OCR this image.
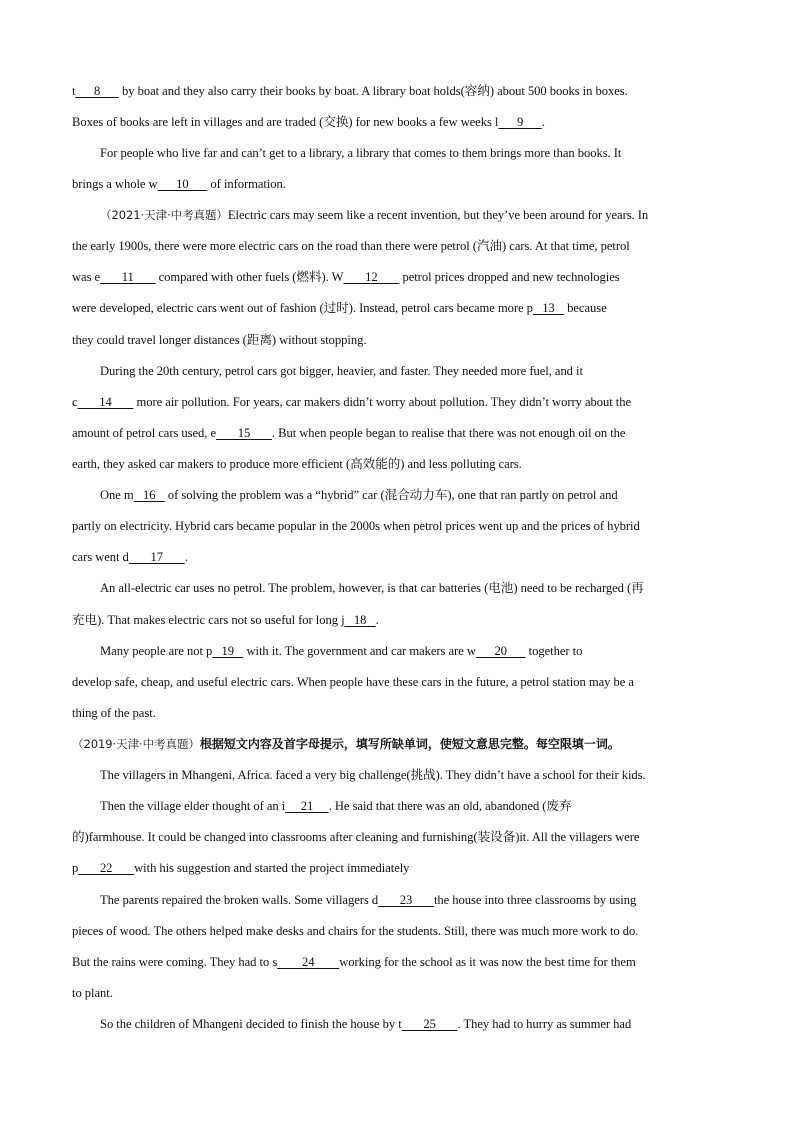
t      8       by boat and they also carry their books by boat. A library boat holds(容纳) about 500 books in boxes.
Boxes of books are left in villages and are traded (交换) for new books a few weeks l      9      .
For people who live far and can’t get to a library, a library that comes to them brings more than books. It
brings a whole w      10       of information.
（2021·天津·中考真题）Electric cars may seem like a recent invention, but they’ve been around for years. In
the early 1900s, there were more electric cars on the road than there were petrol (汽油) cars. At that time, petrol
was e       11        compared with other fuels (燃料). W       12        petrol prices dropped and new technologies
were developed, electric cars went out of fashion (过时). Instead, petrol cars became more p   13    because
they could travel longer distances (距离) without stopping.
During the 20th century, petrol cars got bigger, heavier, and faster. They needed more fuel, and it
c       14        more air pollution. For years, car makers didn’t worry about pollution. They didn’t worry about the
amount of petrol cars used, e       15       . But when people began to realise that there was not enough oil on the
earth, they asked car makers to produce more efficient (高效能的) and less polluting cars.
One m   16    of solving the problem was a “hybrid” car (混合动力车), one that ran partly on petrol and
partly on electricity. Hybrid cars became popular in the 2000s when petrol prices went up and the prices of hybrid
cars went d       17       .
An all-electric car uses no petrol. The problem, however, is that car batteries (电池) need to be recharged (再
充电). That makes electric cars not so useful for long j   18   .
Many people are not p   19    with it. The government and car makers are w      20       together to
develop safe, cheap, and useful electric cars. When people have these cars in the future, a petrol station may be a
thing of the past.
（2019·天津·中考真题）根据短文内容及首字母提示，填写所缺单词，使短文意思完整。每空限填一词。
The villagers in Mhangeni, Africa. faced a very big challenge(挑战). They didn’t have a school for their kids.
Then the village elder thought of an i     21     . He said that there was an old, abandoned (废弃
的)farmhouse. It could be changed into classrooms after cleaning and furnishing(装设备)it. All the villagers were
p       22       with his suggestion and started the project immediately
The parents repaired the broken walls. Some villagers d       23       the house into three classrooms by using
pieces of wood. The others helped make desks and chairs for the students. Still, there was much more work to do.
But the rains were coming. They had to s        24        working for the school as it was now the best time for them
to plant.
So the children of Mhangeni decided to finish the house by t       25       . They had to hurry as summer had
